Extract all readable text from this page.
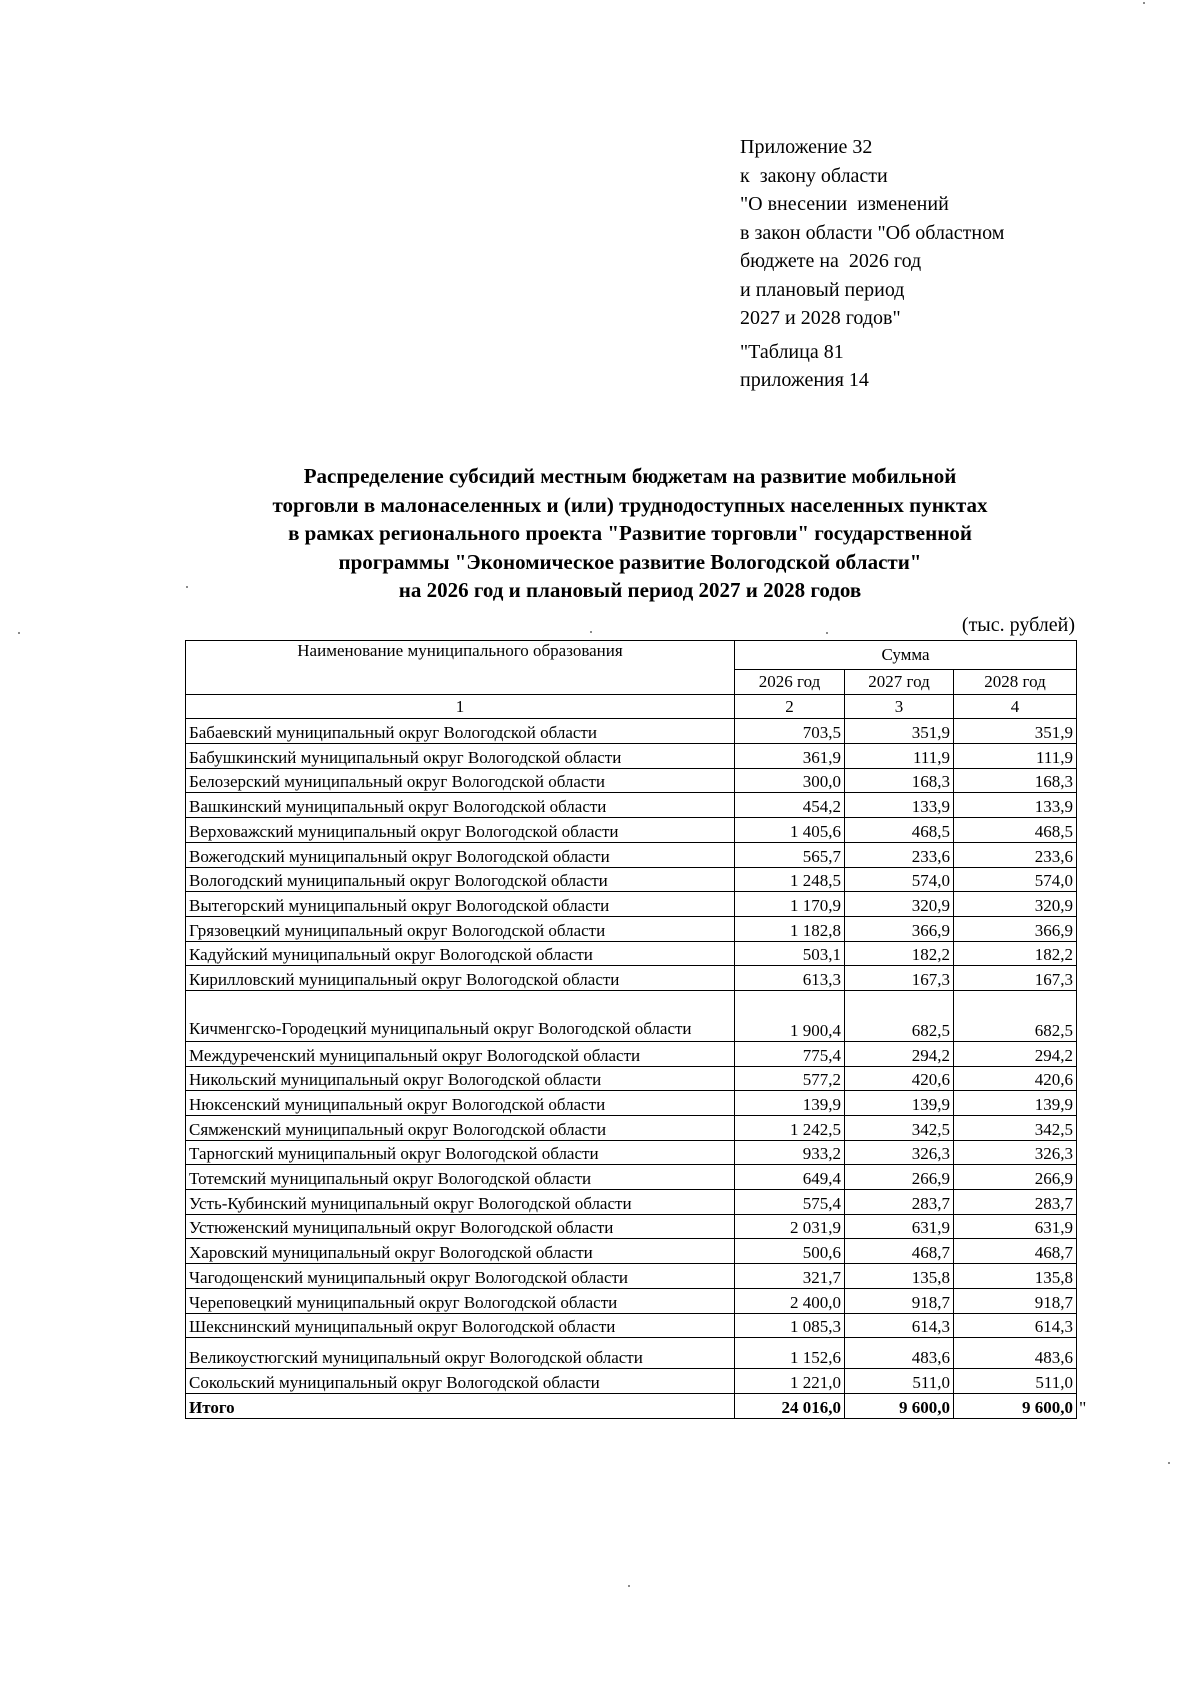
Приложение 32
к  закону области
"О внесении  изменений
в закон области "Об областном
бюджете на  2026 год
и плановый период
2027 и 2028 годов"
"Таблица 81
приложения 14
Распределение субсидий местным бюджетам на развитие мобильной
торговли в малонаселенных и (или) труднодоступных населенных пунктах
в рамках регионального проекта "Развитие торговли" государственной
программы "Экономическое развитие Вологодской области"
на 2026 год и плановый период 2027 и 2028 годов
(тыс. рублей)
Наименование муниципального образования	Сумма		
	2026 год	2027 год	2028 год
1	2	3	4
Бабаевский муниципальный округ Вологодской области	703,5	351,9	351,9
Бабушкинский муниципальный округ Вологодской области	361,9	111,9	111,9
Белозерский муниципальный округ Вологодской области	300,0	168,3	168,3
Вашкинский муниципальный округ Вологодской области	454,2	133,9	133,9
Верховажский муниципальный округ Вологодской области	1 405,6	468,5	468,5
Вожегодский муниципальный округ Вологодской области	565,7	233,6	233,6
Вологодский муниципальный округ Вологодской области	1 248,5	574,0	574,0
Вытегорский муниципальный округ Вологодской области	1 170,9	320,9	320,9
Грязовецкий муниципальный округ Вологодской области	1 182,8	366,9	366,9
Кадуйский муниципальный округ Вологодской области	503,1	182,2	182,2
Кирилловский муниципальный округ Вологодской области	613,3	167,3	167,3
Кичменгско-Городецкий муниципальный округ Вологодской области	1 900,4	682,5	682,5
Междуреченский муниципальный округ Вологодской области	775,4	294,2	294,2
Никольский муниципальный округ Вологодской области	577,2	420,6	420,6
Нюксенский муниципальный округ Вологодской области	139,9	139,9	139,9
Сямженский муниципальный округ Вологодской области	1 242,5	342,5	342,5
Тарногский муниципальный округ Вологодской области	933,2	326,3	326,3
Тотемский муниципальный округ Вологодской области	649,4	266,9	266,9
Усть-Кубинский муниципальный округ Вологодской области	575,4	283,7	283,7
Устюженский муниципальный округ Вологодской области	2 031,9	631,9	631,9
Харовский муниципальный округ Вологодской области	500,6	468,7	468,7
Чагодощенский муниципальный округ Вологодской области	321,7	135,8	135,8
Череповецкий муниципальный округ Вологодской области	2 400,0	918,7	918,7
Шекснинский муниципальный округ Вологодской области	1 085,3	614,3	614,3
Великоустюгский муниципальный округ Вологодской области	1 152,6	483,6	483,6
Сокольский муниципальный округ Вологодской области	1 221,0	511,0	511,0
Итого	24 016,0	9 600,0	9 600,0 "
